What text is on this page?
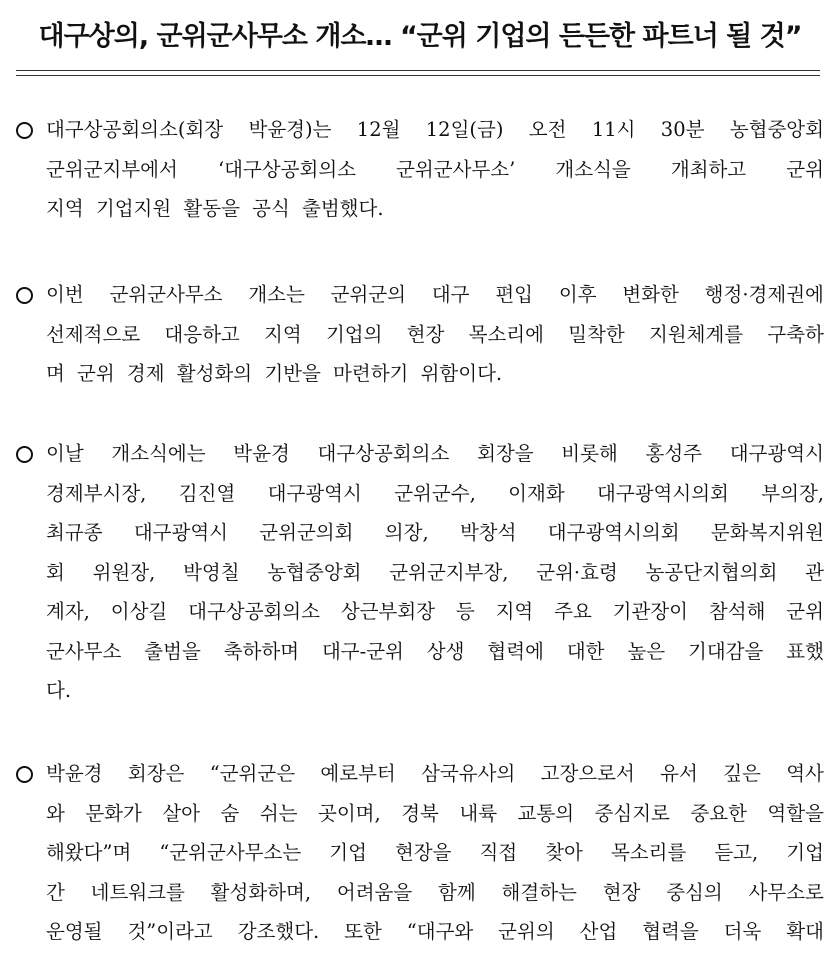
대구상의, 군위군사무소 개소… “군위 기업의 든든한 파트너 될 것”
대구상공회의소(회장 박윤경)는 12월 12일(금) 오전 11시 30분 농협중앙회
군위군지부에서 ‘대구상공회의소 군위군사무소’ 개소식을 개최하고 군위
지역 기업지원 활동을 공식 출범했다.
이번 군위군사무소 개소는 군위군의 대구 편입 이후 변화한 행정·경제권에
선제적으로 대응하고 지역 기업의 현장 목소리에 밀착한 지원체계를 구축하
며 군위 경제 활성화의 기반을 마련하기 위함이다.
이날 개소식에는 박윤경 대구상공회의소 회장을 비롯해 홍성주 대구광역시
경제부시장, 김진열 대구광역시 군위군수, 이재화 대구광역시의회 부의장,
최규종 대구광역시 군위군의회 의장, 박창석 대구광역시의회 문화복지위원
회 위원장, 박영칠 농협중앙회 군위군지부장, 군위·효령 농공단지협의회 관
계자, 이상길 대구상공회의소 상근부회장 등 지역 주요 기관장이 참석해 군위
군사무소 출범을 축하하며 대구-군위 상생 협력에 대한 높은 기대감을 표했
다.
박윤경 회장은 “군위군은 예로부터 삼국유사의 고장으로서 유서 깊은 역사
와 문화가 살아 숨 쉬는 곳이며, 경북 내륙 교통의 중심지로 중요한 역할을
해왔다”며 “군위군사무소는 기업 현장을 직접 찾아 목소리를 듣고, 기업
간 네트워크를 활성화하며, 어려움을 함께 해결하는 현장 중심의 사무소로
운영될 것”이라고 강조했다. 또한 “대구와 군위의 산업 협력을 더욱 확대
